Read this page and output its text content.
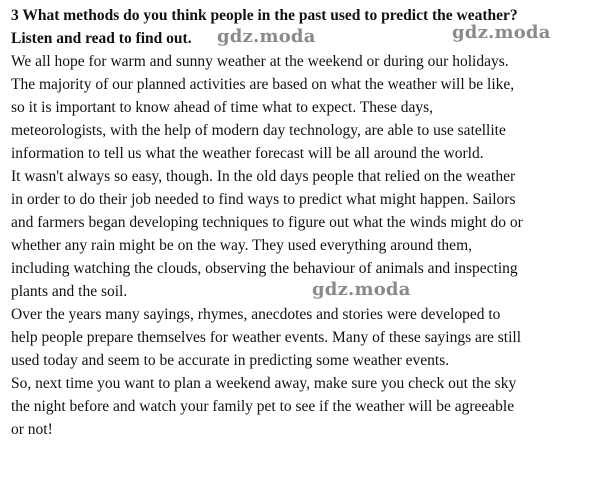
3 What methods do you think people in the past used to predict the weather?
Listen and read to find out.
We all hope for warm and sunny weather at the weekend or during our holidays.
The majority of our planned activities are based on what the weather will be like,
so it is important to know ahead of time what to expect. These days,
meteorologists, with the help of modern day technology, are able to use satellite
information to tell us what the weather forecast will be all around the world.
It wasn't always so easy, though. In the old days people that relied on the weather
in order to do their job needed to find ways to predict what might happen. Sailors
and farmers began developing techniques to figure out what the winds might do or
whether any rain might be on the way. They used everything around them,
including watching the clouds, observing the behaviour of animals and inspecting
plants and the soil.
Over the years many sayings, rhymes, anecdotes and stories were developed to
help people prepare themselves for weather events. Many of these sayings are still
used today and seem to be accurate in predicting some weather events.
So, next time you want to plan a weekend away, make sure you check out the sky
the night before and watch your family pet to see if the weather will be agreeable
or not!
gdz.moda	gdz.moda
gdz.moda
